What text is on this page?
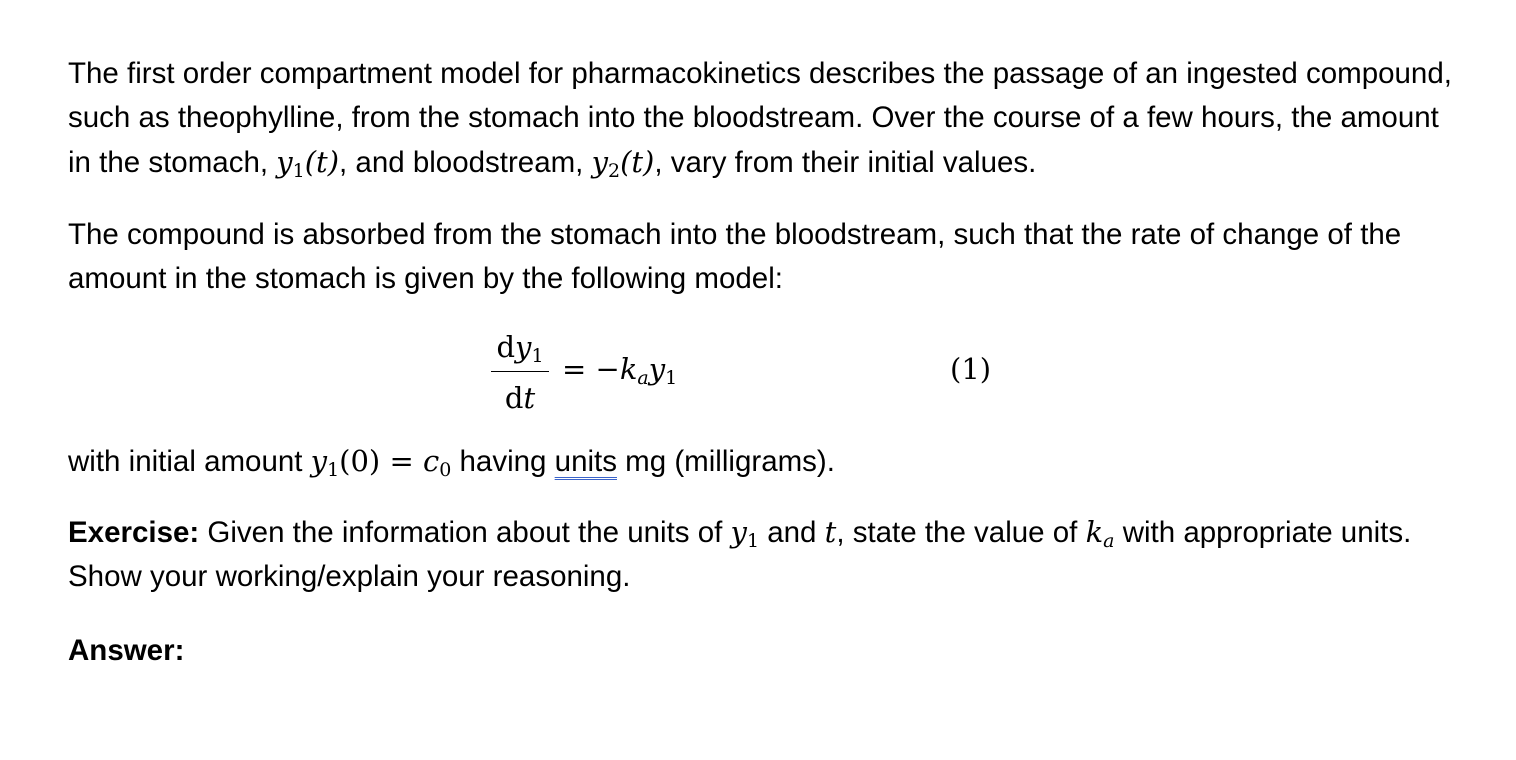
The first order compartment model for pharmacokinetics describes the passage of an ingested compound, such as theophylline, from the stomach into the bloodstream. Over the course of a few hours, the amount in the stomach, $y_1(t)$, and bloodstream, $y_2(t)$, vary from their initial values.

The compound is absorbed from the stomach into the bloodstream, such that the rate of change of the amount in the stomach is given by the following model:

$dy_1$
dt
= $-k_ay_1$	(1)

with initial amount $y_1(0) = c_0$ having units mg (milligrams).

Exercise: Given the information about the units of $y_1$ and t, state the value of $k_a$ with appropriate units. Show your working/explain your reasoning.

Answer:
